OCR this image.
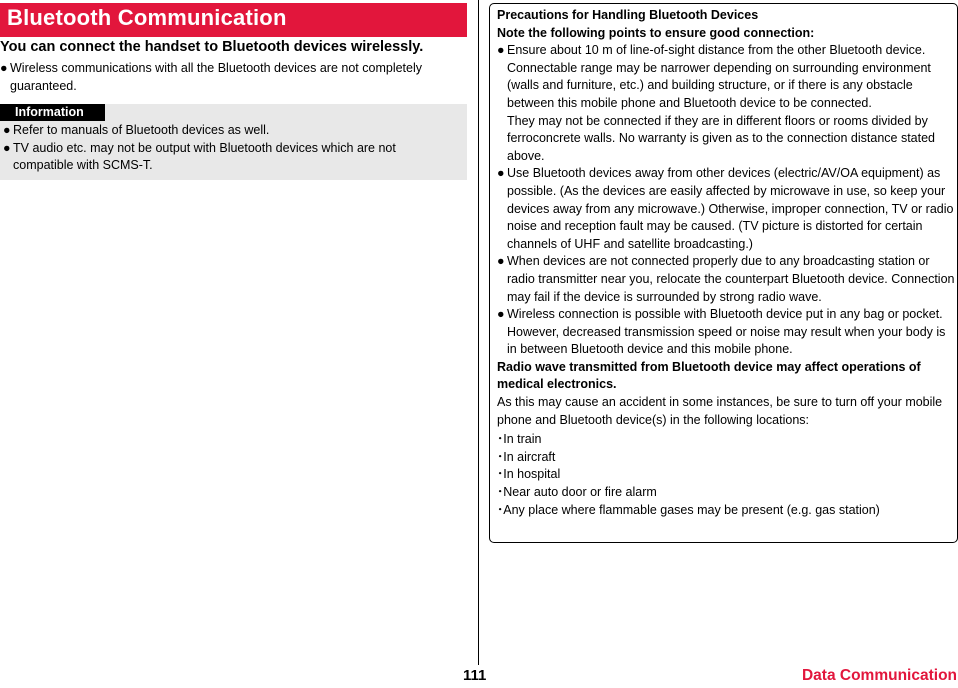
Bluetooth Communication
You can connect the handset to Bluetooth devices wirelessly.
● Wireless communications with all the Bluetooth devices are not completely guaranteed.
Information
● Refer to manuals of Bluetooth devices as well.
● TV audio etc. may not be output with Bluetooth devices which are not compatible with SCMS-T.
Precautions for Handling Bluetooth Devices
Note the following points to ensure good connection:
● Ensure about 10 m of line-of-sight distance from the other Bluetooth device. Connectable range may be narrower depending on surrounding environment (walls and furniture, etc.) and building structure, or if there is any obstacle between this mobile phone and Bluetooth device to be connected.
They may not be connected if they are in different floors or rooms divided by ferroconcrete walls. No warranty is given as to the connection distance stated above.
● Use Bluetooth devices away from other devices (electric/AV/OA equipment) as possible. (As the devices are easily affected by microwave in use, so keep your devices away from any microwave.) Otherwise, improper connection, TV or radio noise and reception fault may be caused. (TV picture is distorted for certain channels of UHF and satellite broadcasting.)
● When devices are not connected properly due to any broadcasting station or radio transmitter near you, relocate the counterpart Bluetooth device. Connection may fail if the device is surrounded by strong radio wave.
● Wireless connection is possible with Bluetooth device put in any bag or pocket. However, decreased transmission speed or noise may result when your body is in between Bluetooth device and this mobile phone.
Radio wave transmitted from Bluetooth device may affect operations of medical electronics.

As this may cause an accident in some instances, be sure to turn off your mobile phone and Bluetooth device(s) in the following locations:

･In train
･In aircraft
･In hospital
･Near auto door or fire alarm
･Any place where flammable gases may be present (e.g. gas station)
111	Data Communication
